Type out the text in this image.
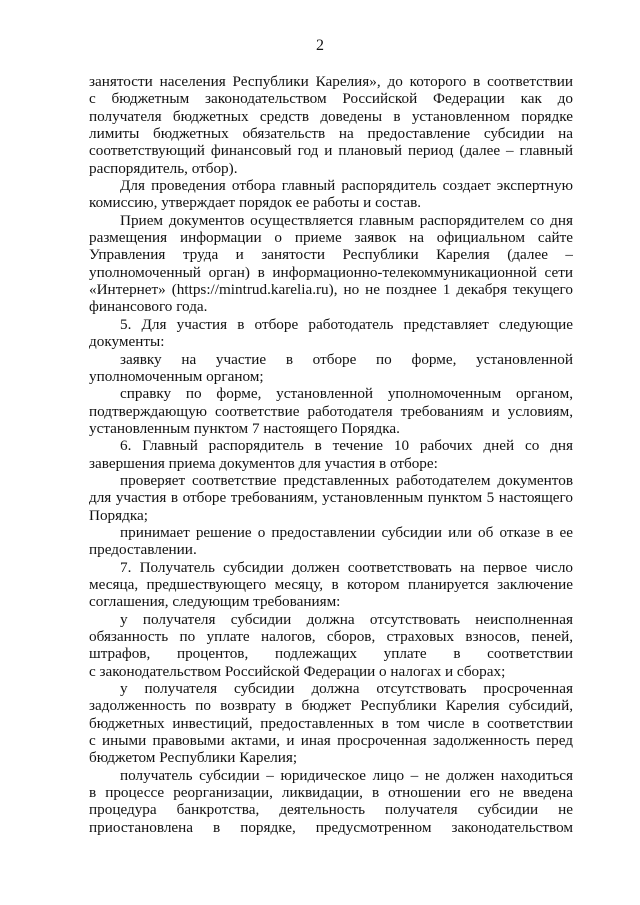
2
занятости населения Республики Карелия», до которого в соответствии
с бюджетным законодательством Российской Федерации как до
получателя бюджетных средств доведены в установленном порядке
лимиты бюджетных обязательств на предоставление субсидии на
соответствующий финансовый год и плановый период (далее – главный
распорядитель, отбор).
Для проведения отбора главный распорядитель создает экспертную
комиссию, утверждает порядок ее работы и состав.
Прием документов осуществляется главным распорядителем со дня
размещения информации о приеме заявок на официальном сайте
Управления труда и занятости Республики Карелия (далее –
уполномоченный орган) в информационно-телекоммуникационной сети
«Интернет» (https://mintrud.karelia.ru), но не позднее 1 декабря текущего
финансового года.
5. Для участия в отборе работодатель представляет следующие
документы:
заявку на участие в отборе по форме, установленной
уполномоченным органом;
справку по форме, установленной уполномоченным органом,
подтверждающую соответствие работодателя требованиям и условиям,
установленным пунктом 7 настоящего Порядка.
6. Главный распорядитель в течение 10 рабочих дней со дня
завершения приема документов для участия в отборе:
проверяет соответствие представленных работодателем документов
для участия в отборе требованиям, установленным пунктом 5 настоящего
Порядка;
принимает решение о предоставлении субсидии или об отказе в ее
предоставлении.
7. Получатель субсидии должен соответствовать на первое число
месяца, предшествующего месяцу, в котором планируется заключение
соглашения, следующим требованиям:
у получателя субсидии должна отсутствовать неисполненная
обязанность по уплате налогов, сборов, страховых взносов, пеней,
штрафов, процентов, подлежащих уплате в соответствии
с законодательством Российской Федерации о налогах и сборах;
у получателя субсидии должна отсутствовать просроченная
задолженность по возврату в бюджет Республики Карелия субсидий,
бюджетных инвестиций, предоставленных в том числе в соответствии
с иными правовыми актами, и иная просроченная задолженность перед
бюджетом Республики Карелия;
получатель субсидии – юридическое лицо – не должен находиться
в процессе реорганизации, ликвидации, в отношении его не введена
процедура банкротства, деятельность получателя субсидии не
приостановлена в порядке, предусмотренном законодательством
